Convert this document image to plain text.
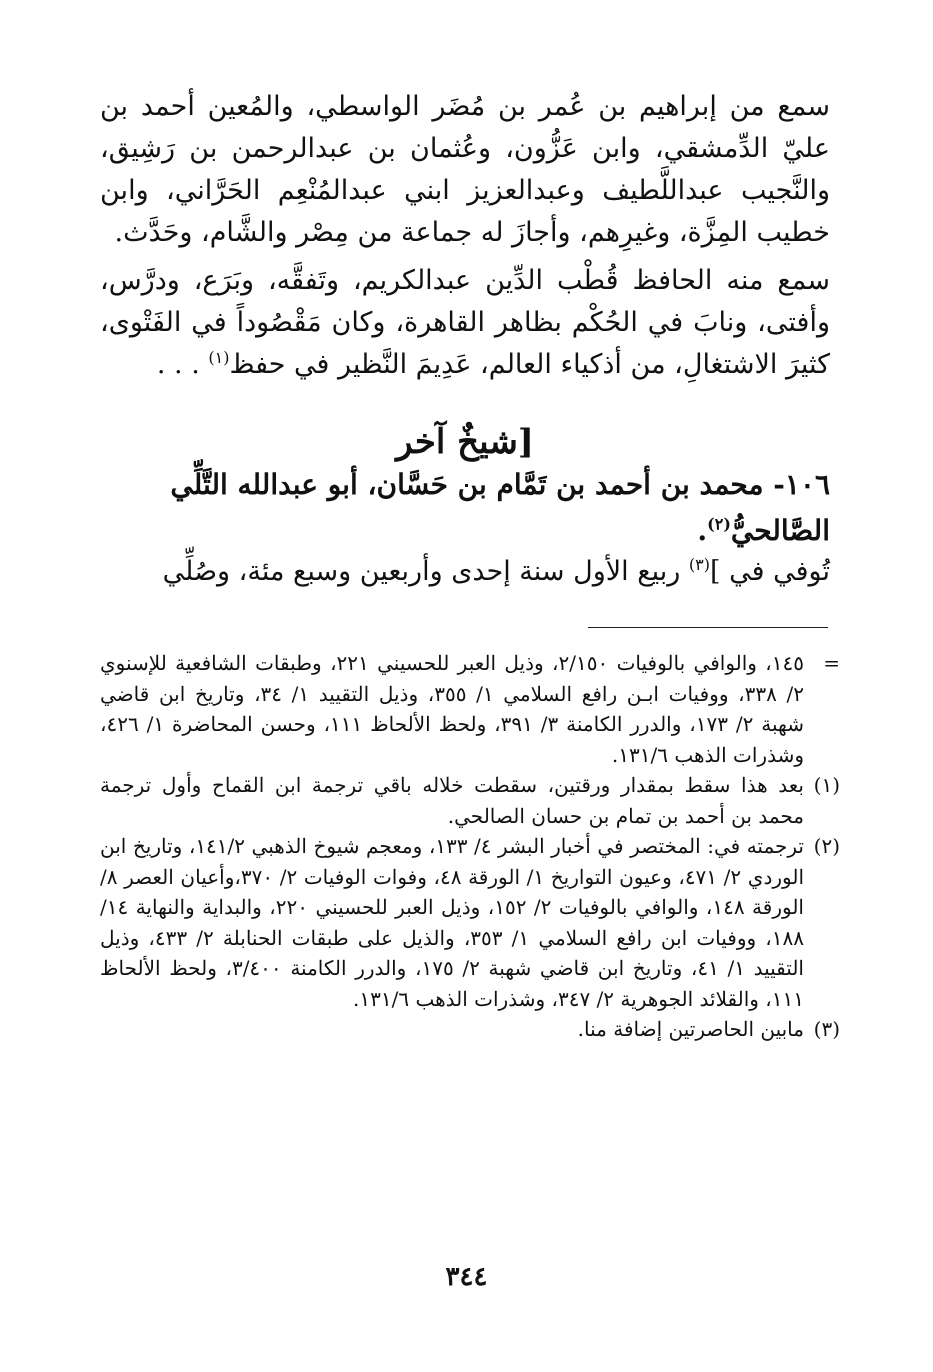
سمع من إبراهيم بن عُمر بن مُضَر الواسطي، والمُعين أحمد بن عليّ الدِّمشقي، وابن عَزُّون، وعُثمان بن عبدالرحمن بن رَشِيق، والنَّجيب عبداللَّطيف وعبدالعزيز ابني عبدالمُنْعِم الحَرَّاني، وابن خطيب المِزَّة، وغيرِهم، وأجازَ له جماعة من مِصْر والشَّام، وحَدَّث.

سمع منه الحافظ قُطْب الدِّين عبدالكريم، وتَفقَّه، وبَرَع، ودرَّس، وأفتى، ونابَ في الحُكْم بظاهر القاهرة، وكان مَقْصُوداً في الفَتْوى، كثيرَ الاشتغالِ، من أذكياء العالم، عَدِيمَ النَّظير في حفظ$^{(١)}$ . . .

[شيخٌ آخر
١٠٦- محمد بن أحمد بن تَمَّام بن حَسَّان، أبو عبدالله التَّلِّي الصَّالحيُّ$^{(٢)}$.

تُوفي في ]$^{(٣)}$ ربيع الأول سنة إحدى وأربعين وسبع مئة، وصُلِّي

=
١٤٥، والوافي بالوفيات ٢/١٥٠، وذيل العبر للحسيني ٢٢١، وطبقات الشافعية للإسنوي ٢/ ٣٣٨، ووفيات ابـن رافع السلامي ١/ ٣٥٥، وذيل التقييد ١/ ٣٤، وتاريخ ابن قاضي شهبة ٢/ ١٧٣، والدرر الكامنة ٣/ ٣٩١، ولحظ الألحاظ ١١١، وحسن المحاضرة ١/ ٤٢٦، وشذرات الذهب ١٣١/٦.
(١)
بعد هذا سقط بمقدار ورقتين، سقطت خلاله باقي ترجمة ابن القماح وأول ترجمة محمد بن أحمد بن تمام بن حسان الصالحي.
(٢)
ترجمته في: المختصر في أخبار البشر ٤/ ١٣٣، ومعجم شيوخ الذهبي ١٤١/٢، وتاريخ ابن الوردي ٢/ ٤٧١، وعيون التواريخ ١/ الورقة ٤٨، وفوات الوفيات ٢/ ٣٧٠،وأعيان العصر ٨/ الورقة ١٤٨، والوافي بالوفيات ٢/ ١٥٢، وذيل العبر للحسيني ٢٢٠، والبداية والنهاية ١٤/ ١٨٨، ووفيات ابن رافع السلامي ١/ ٣٥٣، والذيل على طبقات الحنابلة ٢/ ٤٣٣، وذيل التقييد ١/ ٤١، وتاريخ ابن قاضي شهبة ٢/ ١٧٥، والدرر الكامنة ٣/٤٠٠، ولحظ الألحاظ ١١١، والقلائد الجوهرية ٢/ ٣٤٧، وشذرات الذهب ١٣١/٦.
(٣)
مابين الحاصرتين إضافة منا.
٣٤٤
